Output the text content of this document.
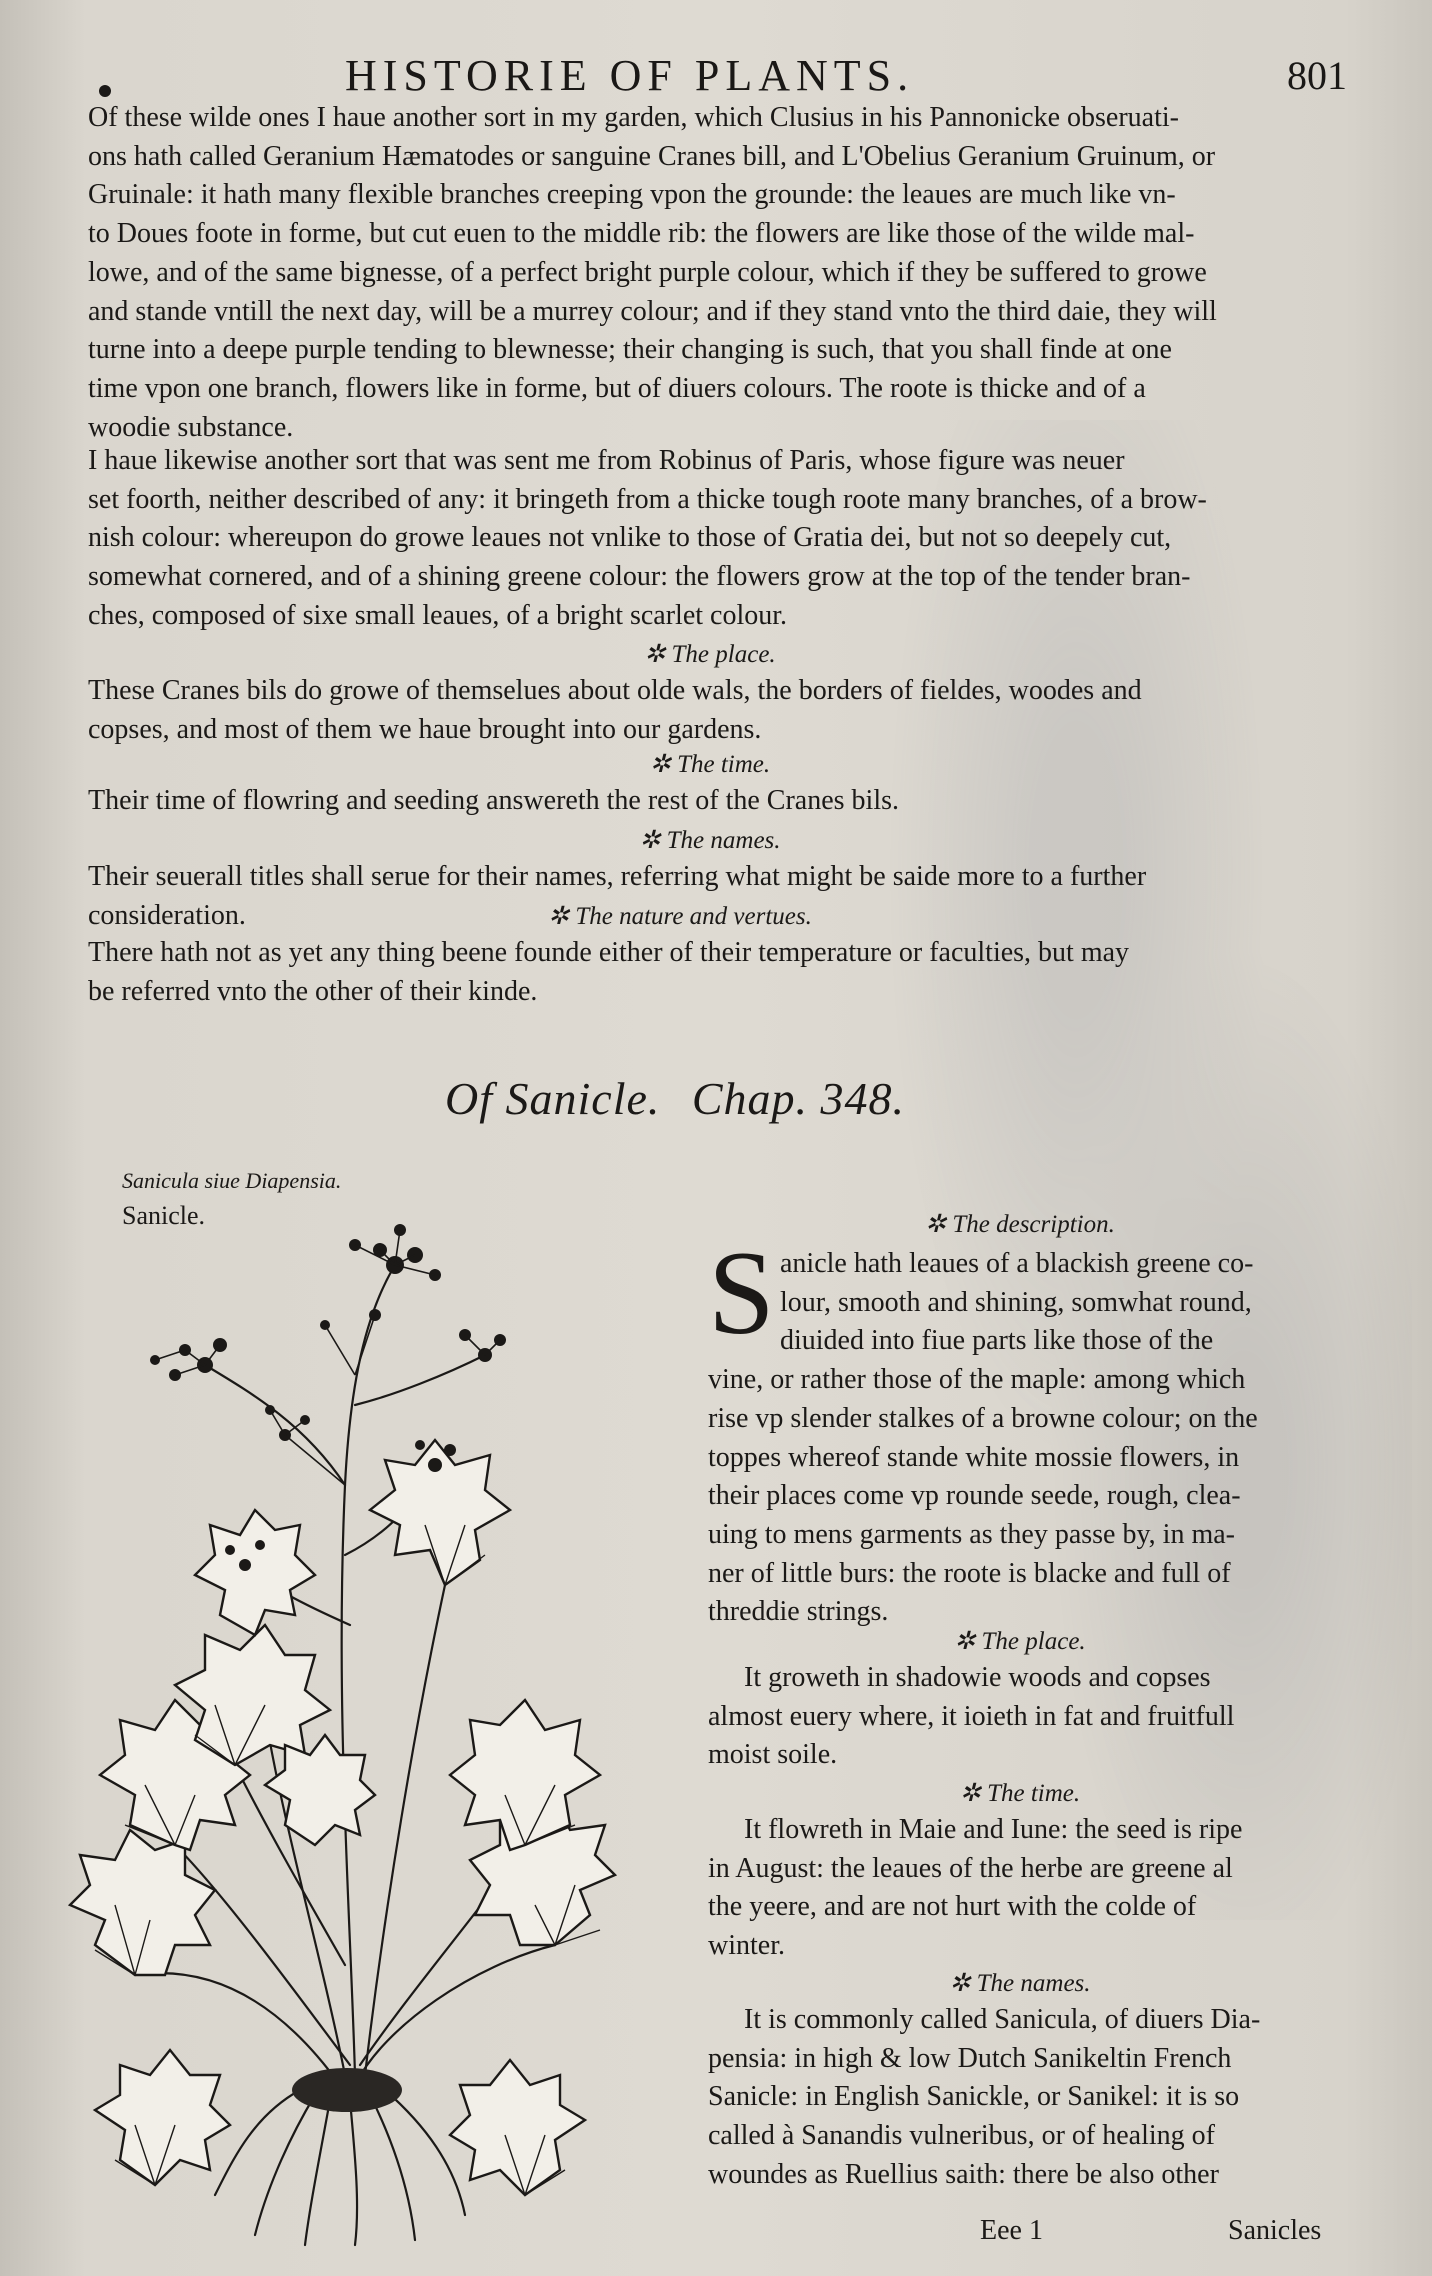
HISTORIE OF PLANTS.	801

Of these wilde ones I haue another sort in my garden, which Clusius in his Pannonicke obseruati-

ons hath called Geranium Hæmatodes or sanguine Cranes bill, and L'Obelius Geranium Gruinum, or

Gruinale: it hath many flexible branches creeping vpon the grounde: the leaues are much like vn-

to Doues foote in forme, but cut euen to the middle rib: the flowers are like those of the wilde mal-

lowe, and of the same bignesse, of a perfect bright purple colour, which if they be suffered to growe

and stande vntill the next day, will be a murrey colour; and if they stand vnto the third daie, they will

turne into a deepe purple tending to blewnesse; their changing is such, that you shall finde at one

time vpon one branch, flowers like in forme, but of diuers colours. The roote is thicke and of a

woodie substance.

I haue likewise another sort that was sent me from Robinus of Paris, whose figure was neuer

set foorth, neither described of any: it bringeth from a thicke tough roote many branches, of a brow-

nish colour: whereupon do growe leaues not vnlike to those of Gratia dei, but not so deepely cut,

somewhat cornered, and of a shining greene colour: the flowers grow at the top of the tender bran-

ches, composed of sixe small leaues, of a bright scarlet colour.

✲ The place.

These Cranes bils do growe of themselues about olde wals, the borders of fieldes, woodes and

copses, and most of them we haue brought into our gardens.

✲ The time.

Their time of flowring and seeding answereth the rest of the Cranes bils.

✲ The names.

Their seuerall titles shall serue for their names, referring what might be saide more to a further

consideration.	✲ The nature and vertues.

There hath not as yet any thing beene founde either of their temperature or faculties, but may

be referred vnto the other of their kinde.

Of Sanicle. Chap. 348.
Sanicula siue Diapensia.
Sanicle.	✲ The description.
S anicle hath leaues of a blackish greene co-

lour, smooth and shining, somwhat round,

diuided into fiue parts like those of the

vine, or rather those of the maple: among which

rise vp slender stalkes of a browne colour; on the

toppes whereof stande white mossie flowers, in

their places come vp rounde seede, rough, clea-

uing to mens garments as they passe by, in ma-

ner of little burs: the roote is blacke and full of

threddie strings.

✲ The place.

It groweth in shadowie woods and copses

almost euery where, it ioieth in fat and fruitfull

moist soile.

✲ The time.

It flowreth in Maie and Iune: the seed is ripe

in August: the leaues of the herbe are greene al

the yeere, and are not hurt with the colde of

winter.

✲ The names.

It is commonly called Sanicula, of diuers Dia-

pensia: in high & low Dutch Sanikeltin French

Sanicle: in English Sanickle, or Sanikel: it is so

called à Sanandis vulneribus, or of healing of

woundes as Ruellius saith: there be also other

Eee 1	Sanicles
